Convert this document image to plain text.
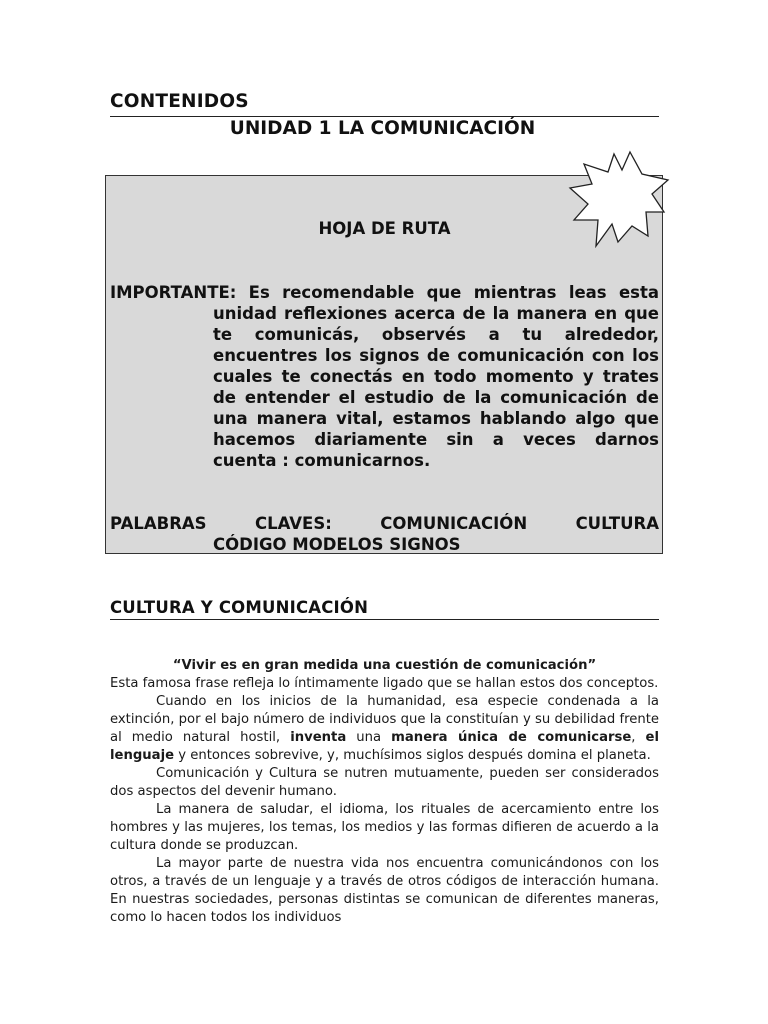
CONTENIDOS
UNIDAD 1 LA COMUNICACIÓN
HOJA DE RUTA
IMPORTANTE: Es recomendable que mientras leas esta unidad reflexiones acerca de la manera en que te comunicás, observés a tu alrededor, encuentres los signos de comunicación con los cuales te conectás en todo momento y trates de entender el estudio de la comunicación de una manera vital, estamos hablando algo que hacemos diariamente sin a veces darnos cuenta : comunicarnos.
PALABRAS CLAVES:	COMUNICACIÓN CULTURA
CÓDIGO MODELOS SIGNOS
CULTURA Y COMUNICACIÓN

“Vivir es en gran medida una cuestión de comunicación”

Esta famosa frase refleja lo íntimamente ligado que se hallan estos dos conceptos.

Cuando en los inicios de la humanidad, esa especie condenada a la extinción, por el bajo número de individuos que la constituían y su debilidad frente al medio natural hostil, inventa una manera única de comunicarse, el lenguaje y entonces sobrevive, y, muchísimos siglos después domina el planeta.

Comunicación y Cultura se nutren mutuamente, pueden ser considerados dos aspectos del devenir humano.

La manera de saludar, el idioma, los rituales de acercamiento entre los hombres y las mujeres, los temas, los medios y las formas difieren de acuerdo a la cultura donde se produzcan.

La mayor parte de nuestra vida nos encuentra comunicándonos con los otros, a través de un lenguaje y a través de otros códigos de interacción humana. En nuestras sociedades, personas distintas se comunican de diferentes maneras, como lo hacen todos los individuos
